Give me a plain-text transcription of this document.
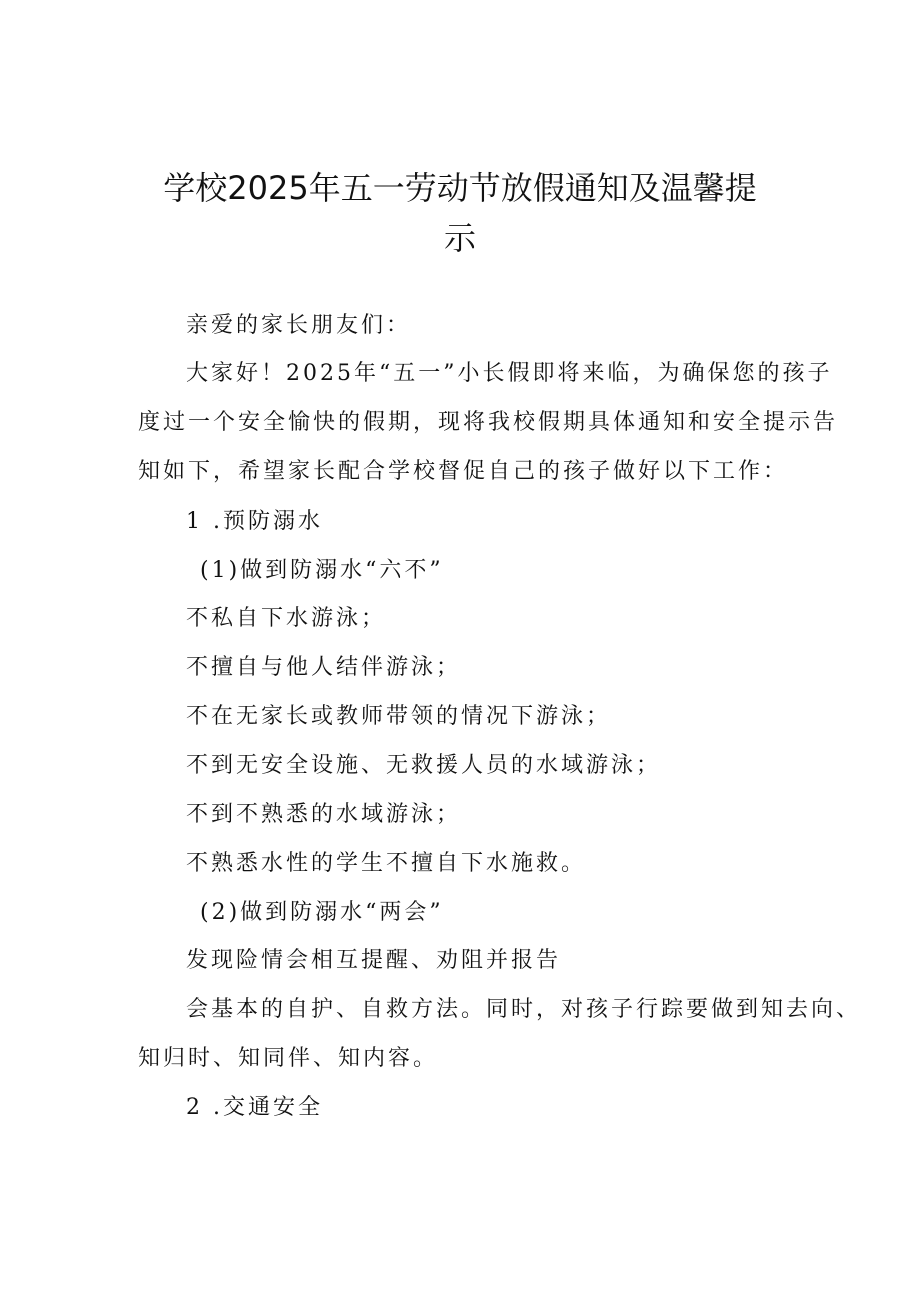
学校2025年五一劳动节放假通知及温馨提
示
亲爱的家长朋友们：
大家好！2025年“五一”小长假即将来临，为确保您的孩子
度过一个安全愉快的假期，现将我校假期具体通知和安全提示告
知如下，希望家长配合学校督促自己的孩子做好以下工作：
1 .预防溺水
(1)做到防溺水“六不”
不私自下水游泳；
不擅自与他人结伴游泳；
不在无家长或教师带领的情况下游泳；
不到无安全设施、无救援人员的水域游泳；
不到不熟悉的水域游泳；
不熟悉水性的学生不擅自下水施救。
(2)做到防溺水“两会”
发现险情会相互提醒、劝阻并报告
会基本的自护、自救方法。同时，对孩子行踪要做到知去向、
知归时、知同伴、知内容。
2 .交通安全
